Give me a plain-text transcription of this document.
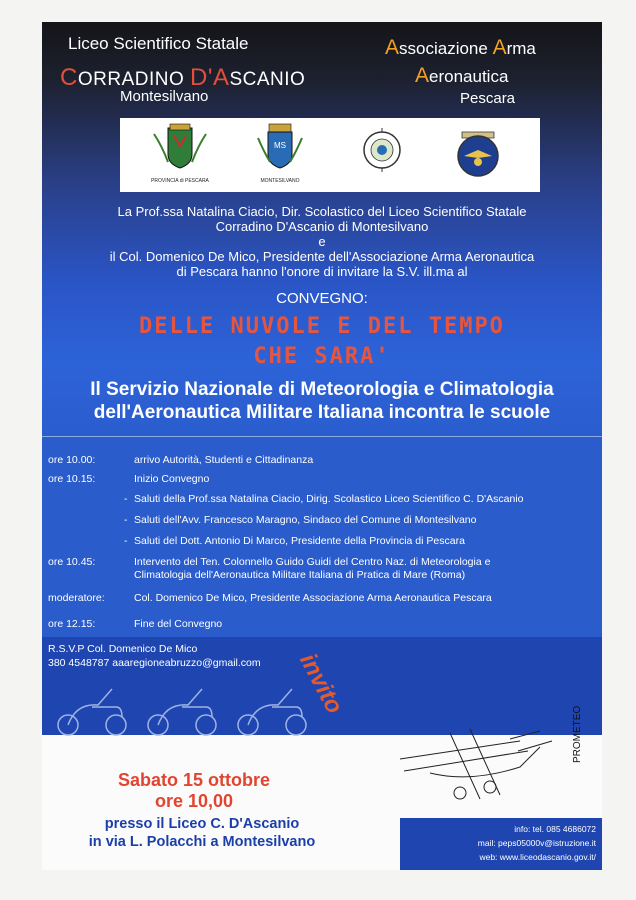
Liceo Scientifico Statale
CORRADINO D'ASCANIO
Montesilvano
Associazione Arma
Aeronautica
Pescara
PROVINCIA di PESCARA
MS
MONTESILVANO
La Prof.ssa Natalina Ciacio, Dir. Scolastico del Liceo Scientifico Statale
Corradino D'Ascanio di Montesilvano
e
il Col. Domenico De Mico, Presidente dell'Associazione Arma Aeronautica
di Pescara hanno l'onore di invitare la S.V. ill.ma al
CONVEGNO:
DELLE NUVOLE E DEL TEMPO
CHE SARA'
Il Servizio Nazionale di Meteorologia e Climatologia
dell'Aeronautica Militare Italiana incontra le scuole
ore 10.00:	arrivo Autorità, Studenti e Cittadinanza
ore 10.15:	Inizio Convegno
- Saluti della Prof.ssa Natalina Ciacio, Dirig. Scolastico Liceo Scientifico C. D'Ascanio
- Saluti dell'Avv. Francesco Maragno, Sindaco del Comune di Montesilvano
- Saluti del Dott. Antonio Di Marco, Presidente della Provincia di Pescara
ore 10.45:	Intervento del Ten. Colonnello Guido Guidi del Centro Naz. di Meteorologia e
Climatologia dell'Aeronautica Militare Italiana di Pratica di Mare (Roma)
moderatore:	Col. Domenico De Mico, Presidente Associazione Arma Aeronautica Pescara
ore 12.15:	Fine del Convegno
R.S.V.P Col. Domenico De Mico
380 4548787 aaaregioneabruzzo@gmail.com invito
PROMETEO
Sabato 15 ottobre
ore 10,00
presso il Liceo C. D'Ascanio
in via L. Polacchi a Montesilvano
info: tel. 085 4686072
mail: peps05000v@istruzione.it
web: www.liceodascanio.gov.it/
